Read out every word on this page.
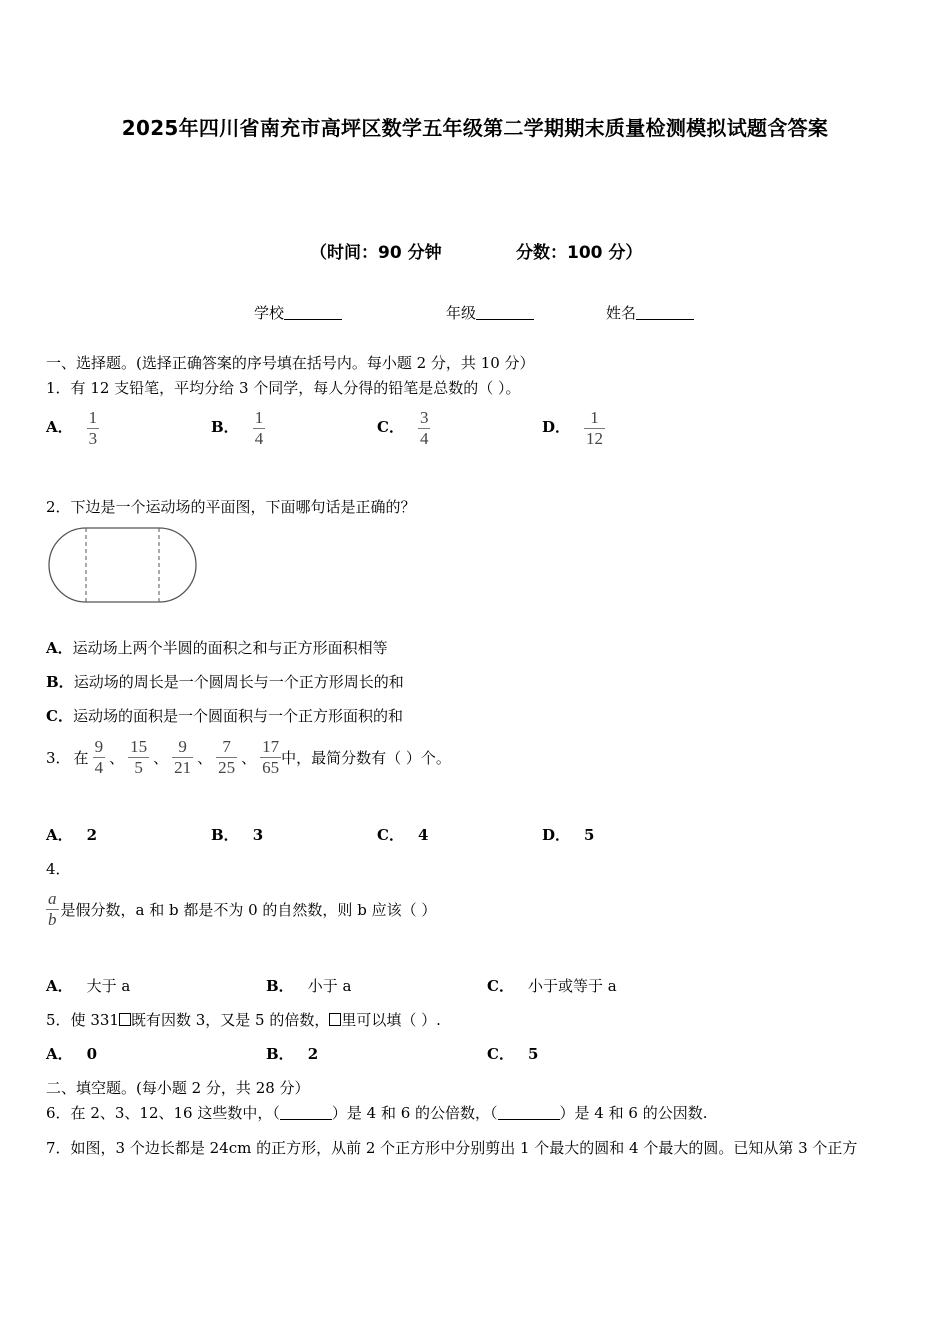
2025年四川省南充市高坪区数学五年级第二学期期末质量检测模拟试题含答案
（时间：90 分钟	分数：100 分）
学校	年级	姓名
一、选择题。(选择正确答案的序号填在括号内。每小题 2 分，共 10 分）
1．有 12 支铅笔，平均分给 3 个同学，每人分得的铅笔是总数的（ ）。
A． $\frac{1}{3}$	B． $\frac{1}{4}$	C． $\frac{3}{4}$	D． $\frac{1}{12}$
2．下边是一个运动场的平面图，下面哪句话是正确的？
A．运动场上两个半圆的面积之和与正方形面积相等
B．运动场的周长是一个圆周长与一个正方形周长的和
C．运动场的面积是一个圆面积与一个正方形面积的和
3． 在 $\frac{9}{4}$ 、 $\frac{15}{5}$ 、 $\frac{9}{21}$ 、 $\frac{7}{25}$ 、 $\frac{17}{65}$ 中，最简分数有（ ）个。
A． 2	B． 3	C． 4	D． 5
4．
$\frac{a}{b}$ 是假分数，a 和 b 都是不为 0 的自然数，则 b 应该（ ）
A． 大于 a	B． 小于 a	C． 小于或等于 a
5．使 331 既有因数 3，又是 5 的倍数， 里可以填（ ）.
A． 0	B． 2	C． 5
二、填空题。(每小题 2 分，共 28 分）
6．在 2、3、12、16 这些数中，（	）是 4 和 6 的公倍数，（	）是 4 和 6 的公因数.
7．如图，3 个边长都是 24cm 的正方形，从前 2 个正方形中分别剪出 1 个最大的圆和 4 个最大的圆。已知从第 3 个正方
